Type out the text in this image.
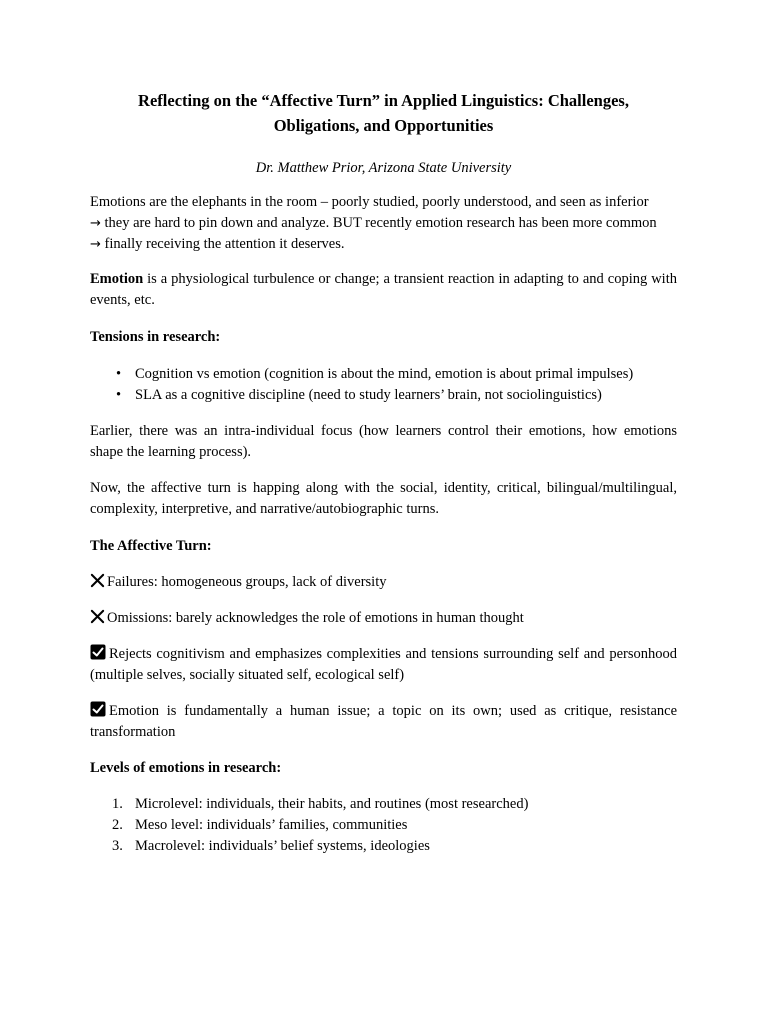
Reflecting on the “Affective Turn” in Applied Linguistics: Challenges,
Obligations, and Opportunities

Dr. Matthew Prior, Arizona State University

Emotions are the elephants in the room – poorly studied, poorly understood, and seen as inferior
→ they are hard to pin down and analyze. BUT recently emotion research has been more common
→ finally receiving the attention it deserves.

Emotion is a physiological turbulence or change; a transient reaction in adapting to and coping with events, etc.

Tensions in research:

• Cognition vs emotion (cognition is about the mind, emotion is about primal impulses)
• SLA as a cognitive discipline (need to study learners’ brain, not sociolinguistics)

Earlier, there was an intra-individual focus (how learners control their emotions, how emotions shape the learning process).

Now, the affective turn is happing along with the social, identity, critical, bilingual/multilingual, complexity, interpretive, and narrative/autobiographic turns.

The Affective Turn:

Failures: homogeneous groups, lack of diversity

Omissions: barely acknowledges the role of emotions in human thought

Rejects cognitivism and emphasizes complexities and tensions surrounding self and personhood (multiple selves, socially situated self, ecological self)

Emotion is fundamentally a human issue; a topic on its own; used as critique, resistance transformation

Levels of emotions in research:

1. Microlevel: individuals, their habits, and routines (most researched)
2. Meso level: individuals’ families, communities
3. Macrolevel: individuals’ belief systems, ideologies
